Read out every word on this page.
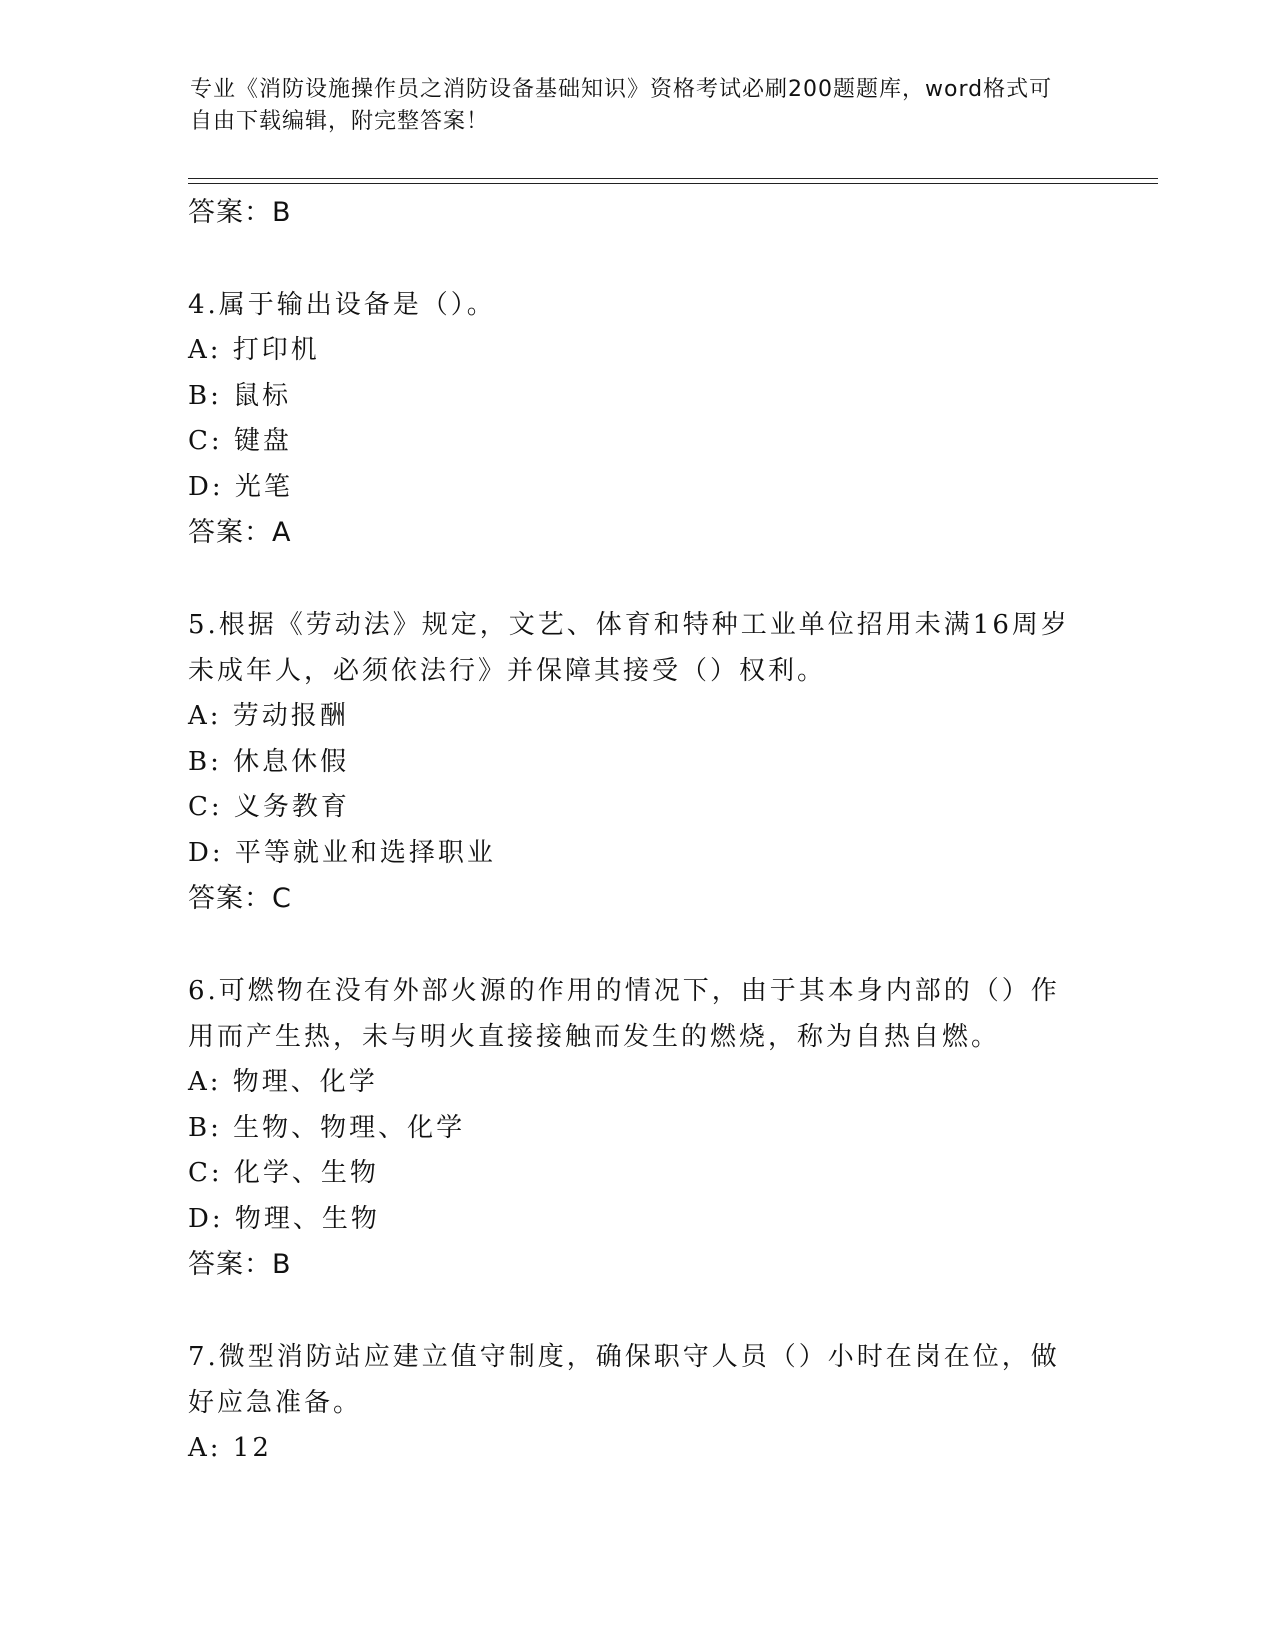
专业《消防设施操作员之消防设备基础知识》资格考试必刷200题题库，word格式可自由下载编辑，附完整答案！
答案：B
4.属于输出设备是（）。
A: 打印机
B: 鼠标
C: 键盘
D: 光笔
答案：A
5.根据《劳动法》规定，文艺、体育和特种工业单位招用未满16周岁未成年人，必须依法行》并保障其接受（）权利。
A: 劳动报酬
B: 休息休假
C: 义务教育
D: 平等就业和选择职业
答案：C
6.可燃物在没有外部火源的作用的情况下，由于其本身内部的（）作用而产生热，未与明火直接接触而发生的燃烧，称为自热自燃。
A: 物理、化学
B: 生物、物理、化学
C: 化学、生物
D: 物理、生物
答案：B
7.微型消防站应建立值守制度，确保职守人员（）小时在岗在位，做好应急准备。
A: 12
